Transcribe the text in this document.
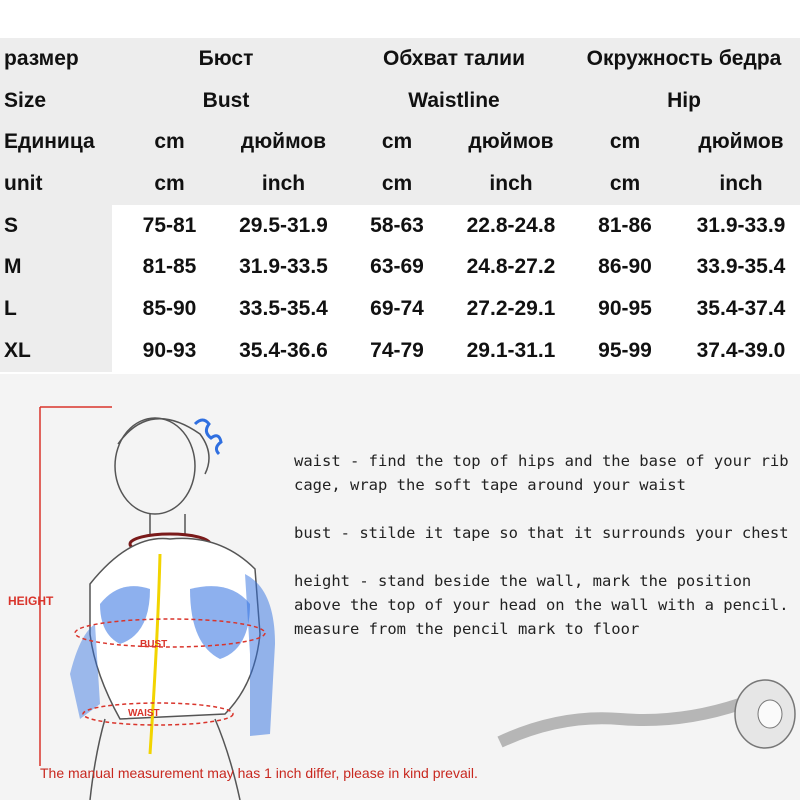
размер	Бюст	Обхват талии	Окружность бедра
Size	Bust	Waistline	Hip
Единица	cm	дюймов	cm	дюймов	cm	дюймов
unit	cm	inch	cm	inch	cm	inch
S	75-81	29.5-31.9	58-63	22.8-24.8	81-86	31.9-33.9
M	81-85	31.9-33.5	63-69	24.8-27.2	86-90	33.9-35.4
L	85-90	33.5-35.4	69-74	27.2-29.1	90-95	35.4-37.4
XL	90-93	35.4-36.6	74-79	29.1-31.1	95-99	37.4-39.0
HEIGHT
BUST
WAIST

waist - find the top of hips and the base of your rib cage, wrap the soft tape around your waist

bust - stilde it tape so that it surrounds your chest

height - stand beside the wall, mark the position above the top of your head on the wall with a pencil. measure from the pencil mark to floor

The manual measurement may has 1 inch differ, please in kind prevail.
